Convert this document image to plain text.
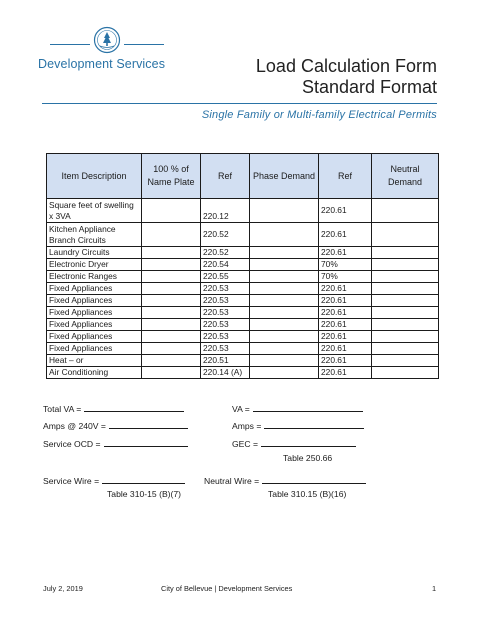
Development Services	Load Calculation Form
Standard Format
Single Family or Multi-family Electrical Permits
Item Description	100 % of Name Plate	Ref	Phase Demand	Ref	Neutral Demand
Square feet of swelling x 3VA		220.12		220.61	
Kitchen Appliance Branch Circuits		220.52		220.61	
Laundry Circuits		220.52		220.61	
Electronic Dryer		220.54		70%	
Electronic Ranges		220.55		70%	
Fixed Appliances		220.53		220.61	
Fixed Appliances		220.53		220.61	
Fixed Appliances		220.53		220.61	
Fixed Appliances		220.53		220.61	
Fixed Appliances		220.53		220.61	
Fixed Appliances		220.53		220.61	
Heat – or		220.51		220.61	
Air Conditioning		220.14 (A)		220.61	
Total VA =	VA =
Amps @ 240V =	Amps =
Service OCD =	GEC =
Table 250.66
Service Wire =	Neutral Wire =
Table 310-15 (B)(7)	Table 310.15 (B)(16)
July 2, 2019	City of Bellevue | Development Services	1
